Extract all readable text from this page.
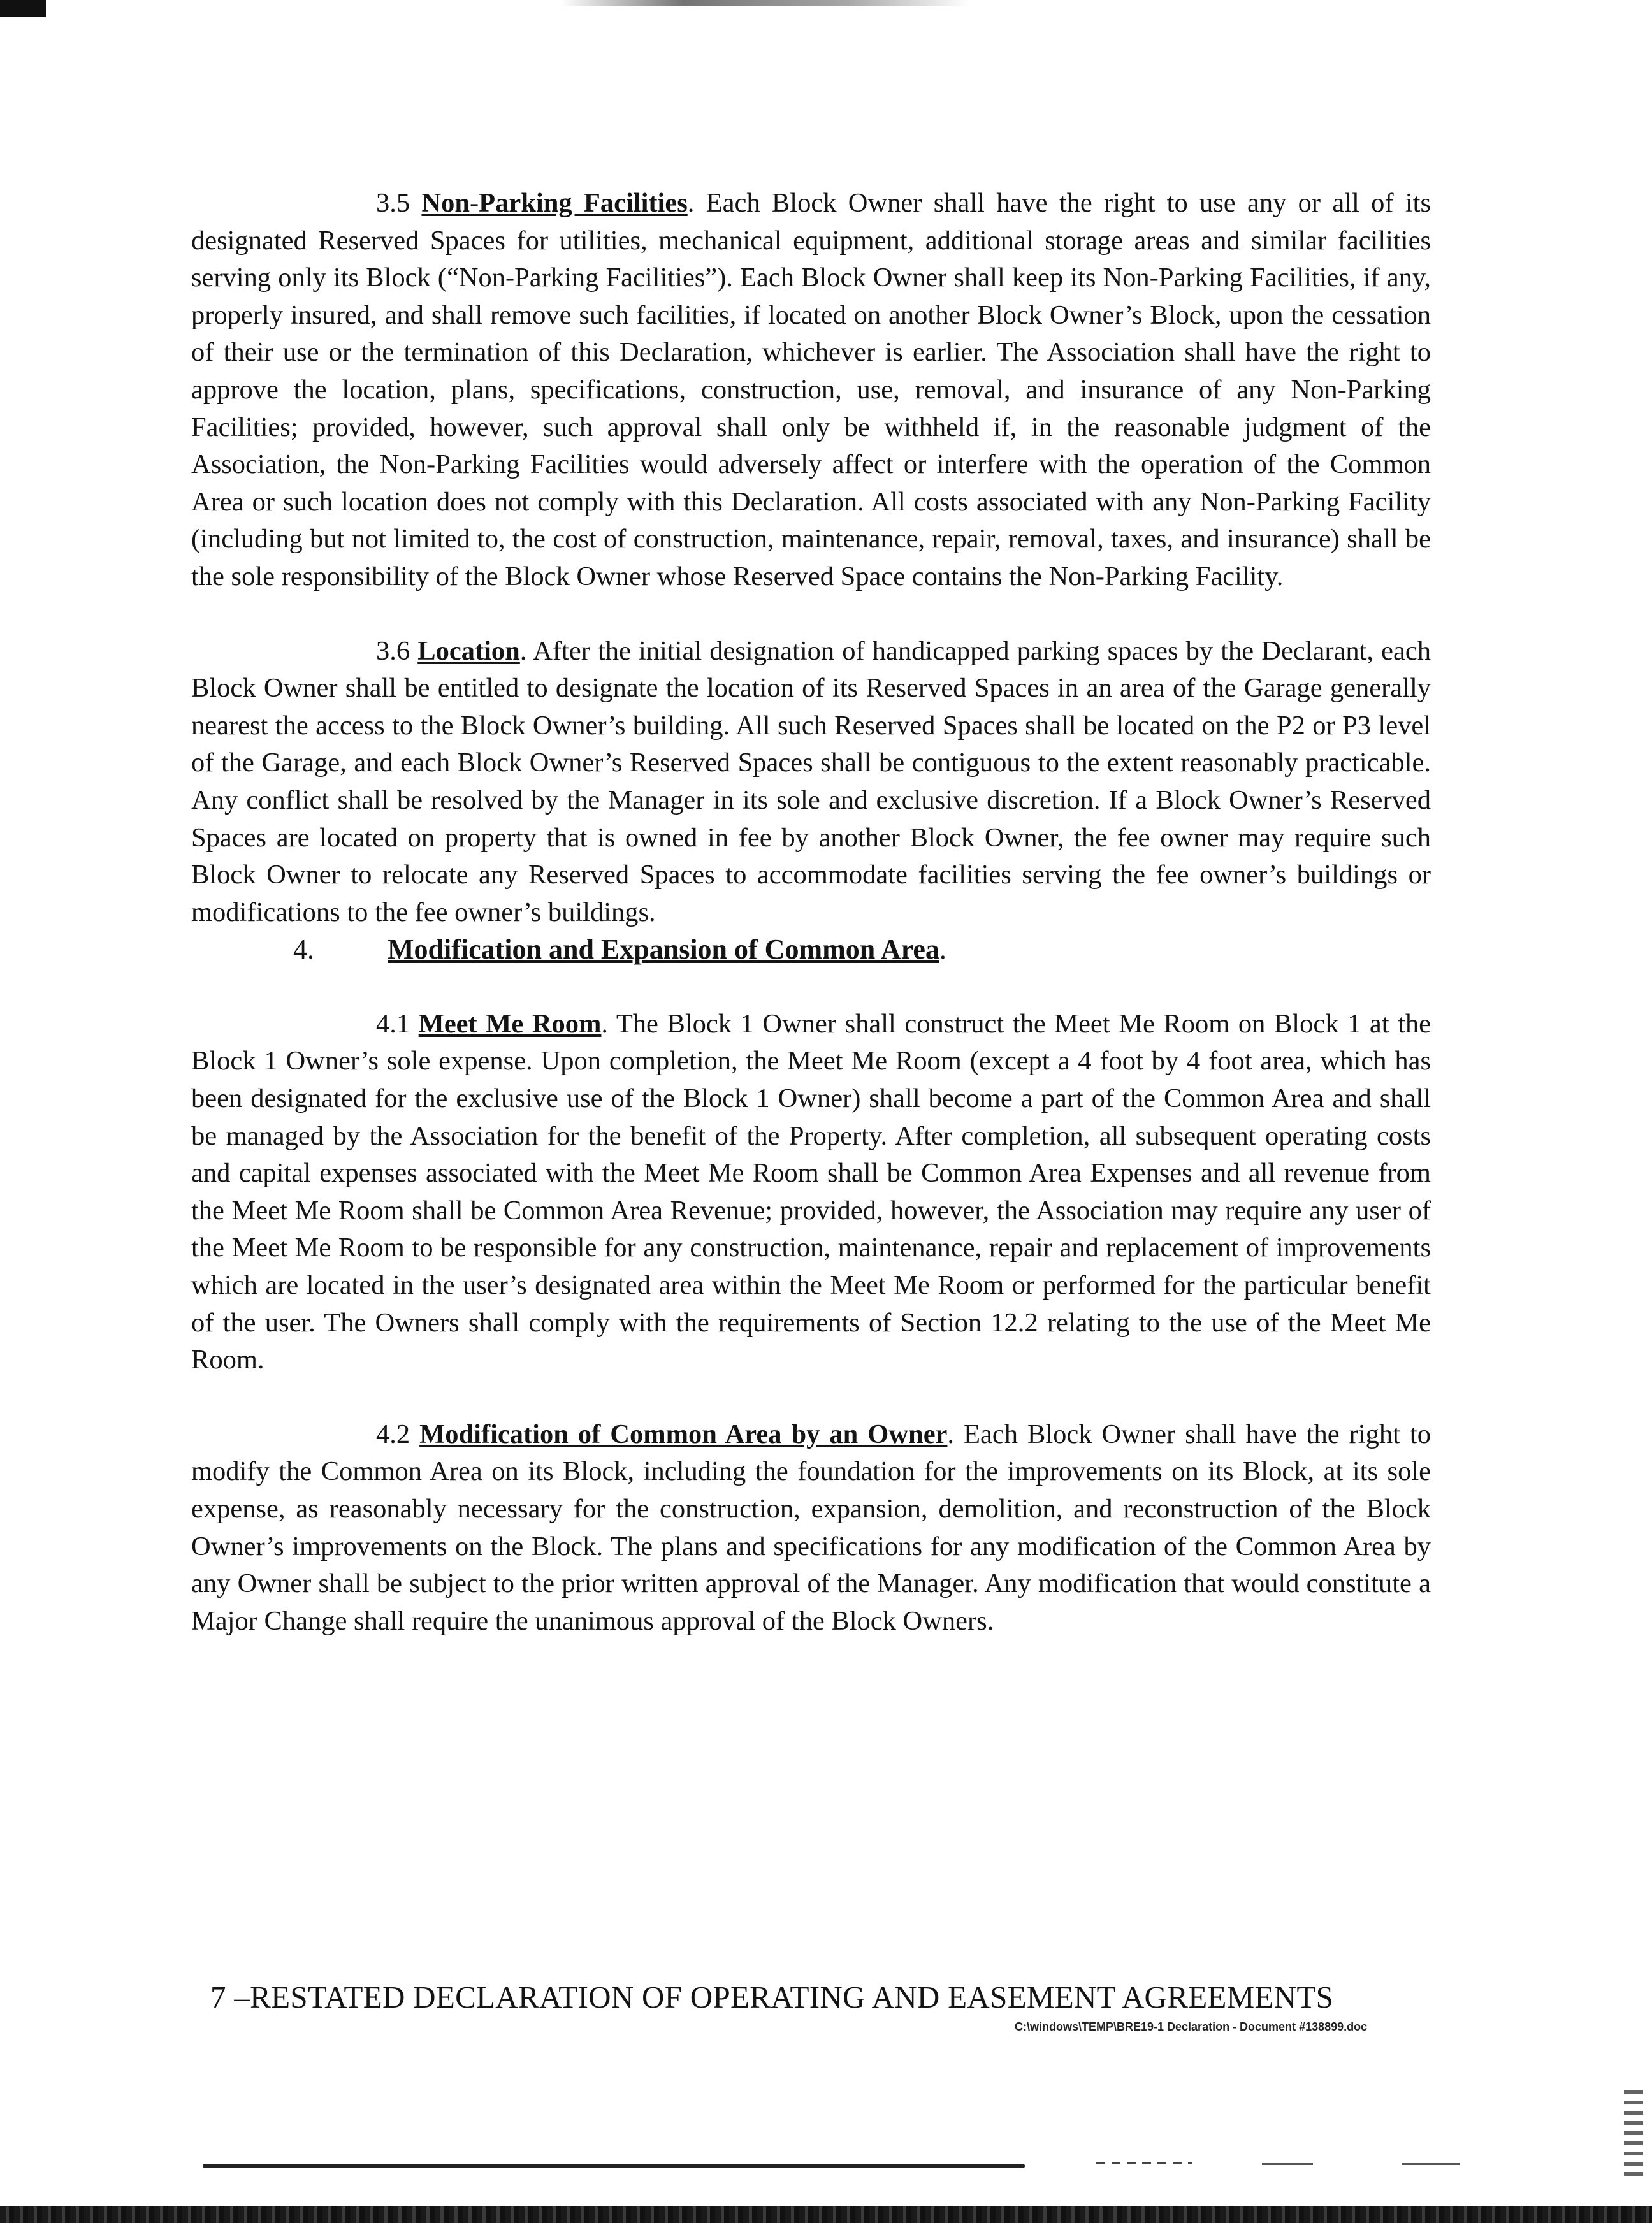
3.5 Non-Parking Facilities. Each Block Owner shall have the right to use any or all of its designated Reserved Spaces for utilities, mechanical equipment, additional storage areas and similar facilities serving only its Block (“Non-Parking Facilities”). Each Block Owner shall keep its Non-Parking Facilities, if any, properly insured, and shall remove such facilities, if located on another Block Owner’s Block, upon the cessation of their use or the termination of this Declaration, whichever is earlier. The Association shall have the right to approve the location, plans, specifications, construction, use, removal, and insurance of any Non-Parking Facilities; provided, however, such approval shall only be withheld if, in the reasonable judgment of the Association, the Non-Parking Facilities would adversely affect or interfere with the operation of the Common Area or such location does not comply with this Declaration. All costs associated with any Non-Parking Facility (including but not limited to, the cost of construction, maintenance, repair, removal, taxes, and insurance) shall be the sole responsibility of the Block Owner whose Reserved Space contains the Non-Parking Facility.

3.6 Location. After the initial designation of handicapped parking spaces by the Declarant, each Block Owner shall be entitled to designate the location of its Reserved Spaces in an area of the Garage generally nearest the access to the Block Owner’s building. All such Reserved Spaces shall be located on the P2 or P3 level of the Garage, and each Block Owner’s Reserved Spaces shall be contiguous to the extent reasonably practicable. Any conflict shall be resolved by the Manager in its sole and exclusive discretion. If a Block Owner’s Reserved Spaces are located on property that is owned in fee by another Block Owner, the fee owner may require such Block Owner to relocate any Reserved Spaces to accommodate facilities serving the fee owner’s buildings or modifications to the fee owner’s buildings.

4.	Modification and Expansion of Common Area.

4.1 Meet Me Room. The Block 1 Owner shall construct the Meet Me Room on Block 1 at the Block 1 Owner’s sole expense. Upon completion, the Meet Me Room (except a 4 foot by 4 foot area, which has been designated for the exclusive use of the Block 1 Owner) shall become a part of the Common Area and shall be managed by the Association for the benefit of the Property. After completion, all subsequent operating costs and capital expenses associated with the Meet Me Room shall be Common Area Expenses and all revenue from the Meet Me Room shall be Common Area Revenue; provided, however, the Association may require any user of the Meet Me Room to be responsible for any construction, maintenance, repair and replacement of improvements which are located in the user’s designated area within the Meet Me Room or performed for the particular benefit of the user. The Owners shall comply with the requirements of Section 12.2 relating to the use of the Meet Me Room.

4.2 Modification of Common Area by an Owner. Each Block Owner shall have the right to modify the Common Area on its Block, including the foundation for the improvements on its Block, at its sole expense, as reasonably necessary for the construction, expansion, demolition, and reconstruction of the Block Owner’s improvements on the Block. The plans and specifications for any modification of the Common Area by any Owner shall be subject to the prior written approval of the Manager. Any modification that would constitute a Major Change shall require the unanimous approval of the Block Owners.

7 –RESTATED DECLARATION OF OPERATING AND EASEMENT AGREEMENTS
C:\windows\TEMP\BRE19-1 Declaration - Document #138899.doc
